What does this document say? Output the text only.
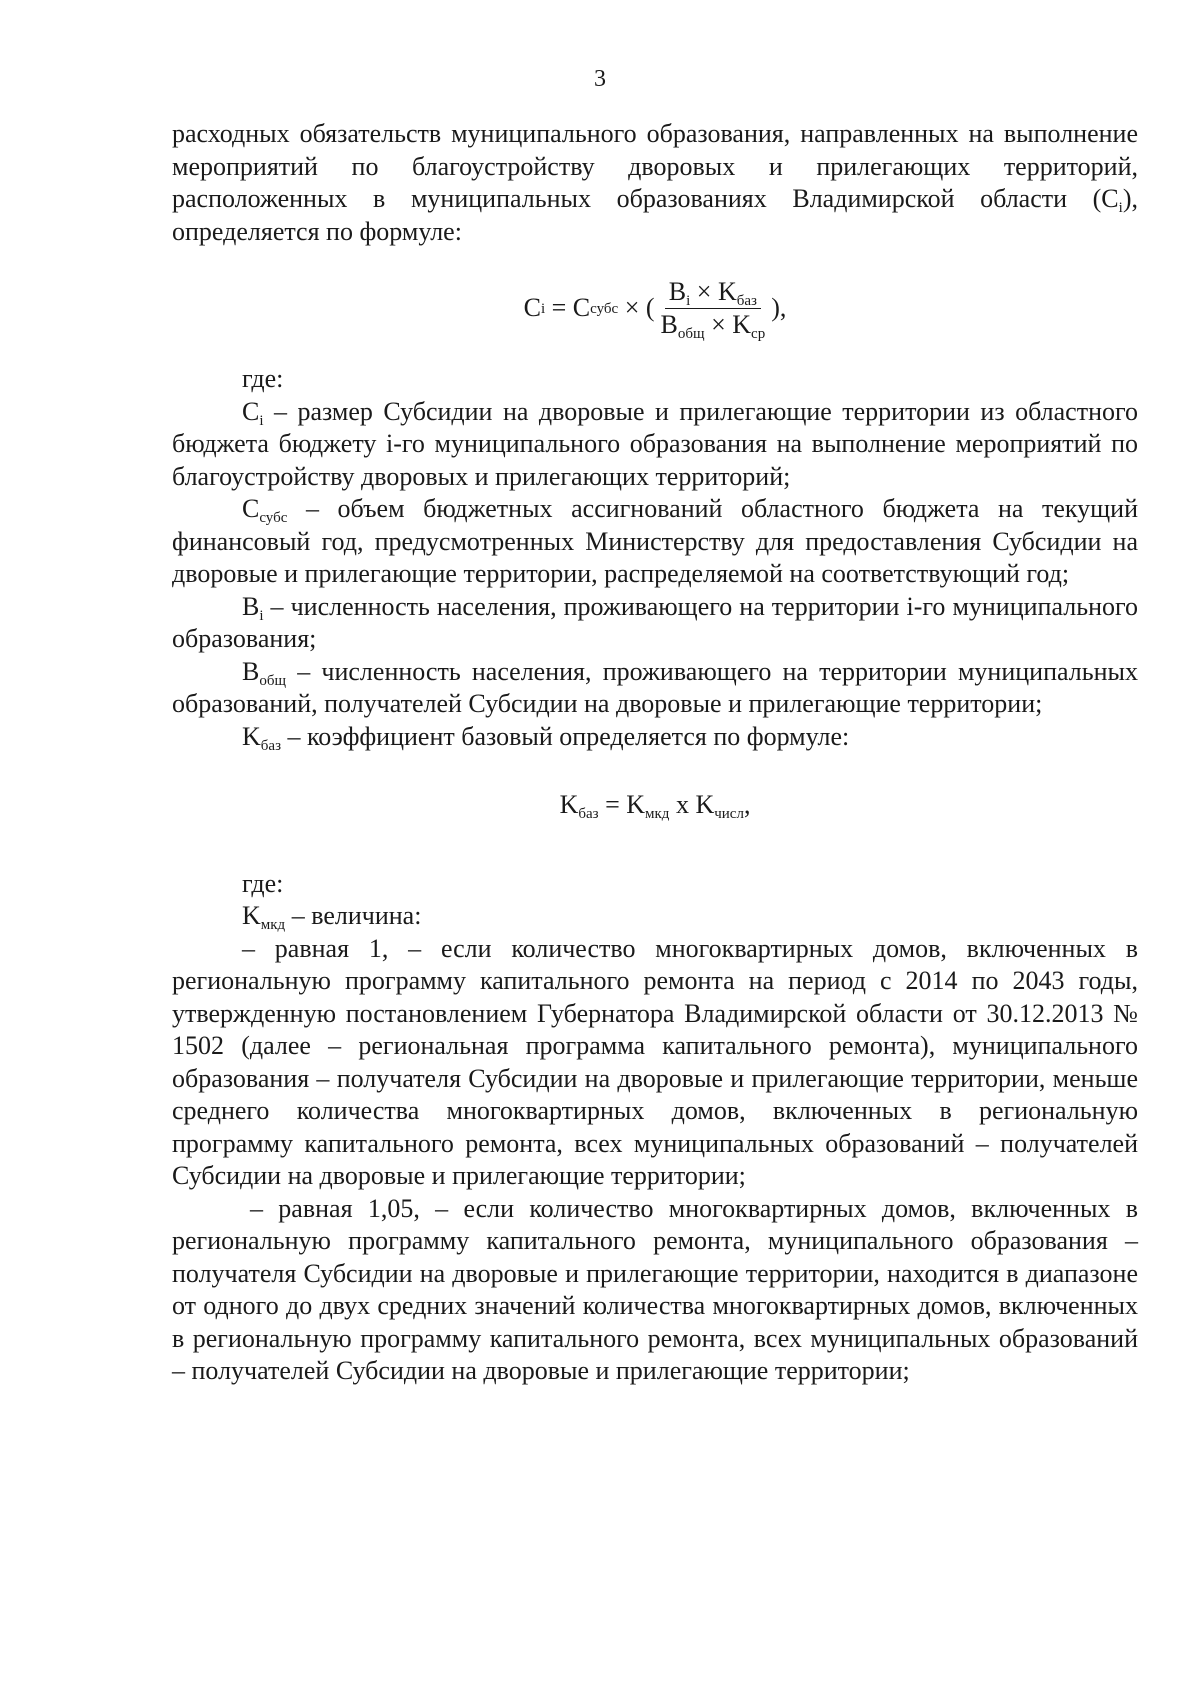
3

расходных обязательств муниципального образования, направленных на выполнение мероприятий по благоустройству дворовых и прилегающих территорий, расположенных в муниципальных образованиях Владимирской области $(C_i)$, определяется по формуле:

C i = C субс × ( $\frac{B_i \times K_{баз}}{B_{общ} \times K_{ср}}$ ),

где:

$C_i$ – размер Субсидии на дворовые и прилегающие территории из областного бюджета бюджету i-го муниципального образования на выполнение мероприятий по благоустройству дворовых и прилегающих территорий;

$C_{субс}$ – объем бюджетных ассигнований областного бюджета на текущий финансовый год, предусмотренных Министерству для предоставления Субсидии на дворовые и прилегающие территории, распределяемой на соответствующий год;

$B_i$ – численность населения, проживающего на территории i-го муниципального образования;

$B_{общ}$ – численность населения, проживающего на территории муниципальных образований, получателей Субсидии на дворовые и прилегающие территории;

$K_{баз}$ – коэффициент базовый определяется по формуле:

$K_{баз} = K_{мкд}$ x $K_{числ}$,

где:

$K_{мкд}$ – величина:

– равная 1, – если количество многоквартирных домов, включенных в региональную программу капитального ремонта на период с 2014 по 2043 годы, утвержденную постановлением Губернатора Владимирской области от 30.12.2013 № 1502 (далее – региональная программа капитального ремонта), муниципального образования – получателя Субсидии на дворовые и прилегающие территории, меньше среднего количества многоквартирных домов, включенных в региональную программу капитального ремонта, всех муниципальных образований – получателей Субсидии на дворовые и прилегающие территории;

– равная 1,05, – если количество многоквартирных домов, включенных в региональную программу капитального ремонта, муниципального образования – получателя Субсидии на дворовые и прилегающие территории, находится в диапазоне от одного до двух средних значений количества многоквартирных домов, включенных в региональную программу капитального ремонта, всех муниципальных образований – получателей Субсидии на дворовые и прилегающие территории;
